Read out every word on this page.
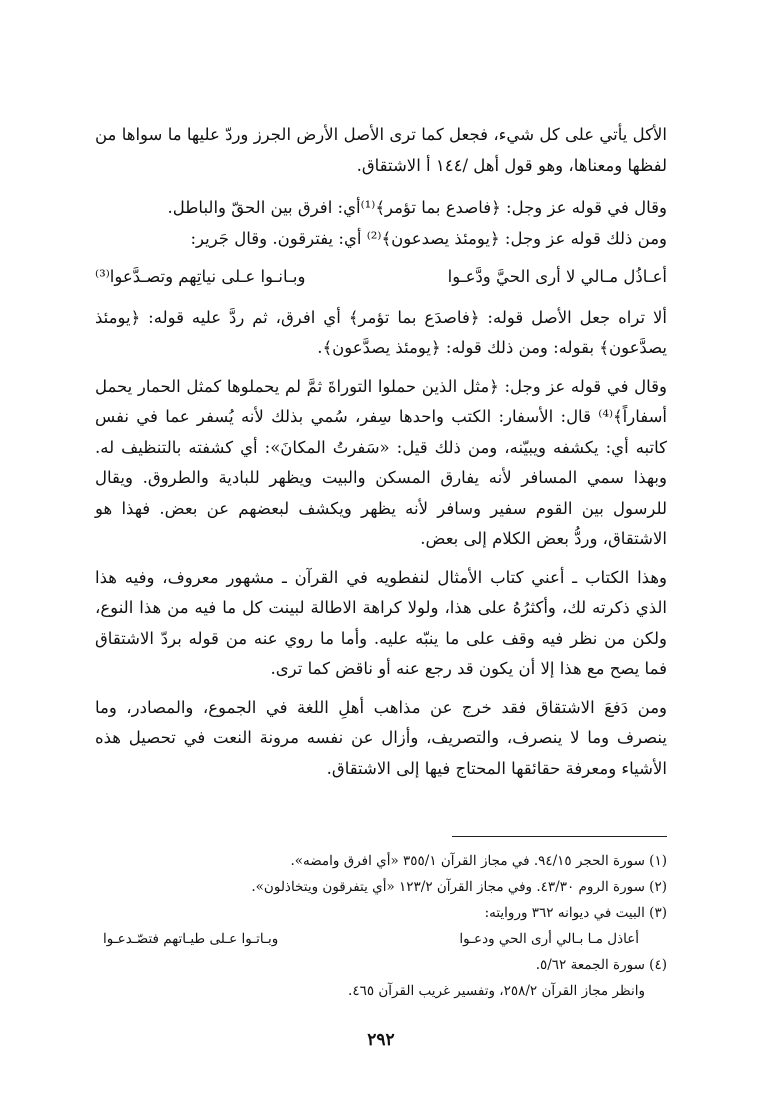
الأكل يأتي على كل شيء، فجعل كما ترى الأصل الأرض الجرز وردّ عليها ما سواها من لفظها ومعناها، وهو قول أهل /١٤٤ أ الاشتقاق.

وقال في قوله عز وجل: ﴿فاصدع بما تؤمر﴾⁽¹⁾أي: افرق بين الحقّ والباطل.

ومن ذلك قوله عز وجل: ﴿يومئذ يصدعون﴾⁽²⁾ أي: يفترقون. وقال جَرير:

أعـاذُل مـالي لا أرى الحيَّ ودَّعـوا
وبـانـوا عـلى نياتِهم وتصـدَّعوا⁽³⁾

ألا تراه جعل الأصل قوله: ﴿فاصدَع بما تؤمر﴾ أي افرق، ثم ردَّ عليه قوله: ﴿يومئذ يصدَّعون﴾ بقوله: ومن ذلك قوله: ﴿يومئذ يصدَّعون﴾.

وقال في قوله عز وجل: ﴿مثل الذين حملوا التوراةَ ثمَّ لم يحملوها كمثل الحمار يحمل أسفاراً﴾⁽⁴⁾ قال: الأسفار: الكتب واحدها سِفر، سُمي بذلك لأنه يُسفر عما في نفس كاتبه أي: يكشفه ويبيّنه، ومن ذلك قيل: «سَفرتُ المكانَ»: أي كشفته بالتنظيف له. وبهذا سمي المسافر لأنه يفارق المسكن والبيت ويظهر للبادية والطروق. ويقال للرسول بين القوم سفير وسافر لأنه يظهر ويكشف لبعضهم عن بعض. فهذا هو الاشتقاق، وردُّ بعض الكلام إلى بعض.

وهذا الكتاب ـ أعني كتاب الأمثال لنفطويه في القرآن ـ مشهور معروف، وفيه هذا الذي ذكرته لك، وأكثرُهُ على هذا، ولولا كراهة الاطالة لبينت كل ما فيه من هذا النوع، ولكن من نظر فيه وقف على ما ينبّه عليه. وأما ما روي عنه من قوله بردّ الاشتقاق فما يصح مع هذا إلا أن يكون قد رجع عنه أو ناقض كما ترى.

ومن دَفعَ الاشتقاق فقد خرج عن مذاهب أهلِ اللغة في الجموع، والمصادر، وما ينصرف وما لا ينصرف، والتصريف، وأزال عن نفسه مرونة النعت في تحصيل هذه الأشياء ومعرفة حقائقها المحتاج فيها إلى الاشتقاق.

(١) سورة الحجر ٩٤/١٥. في مجاز القرآن ٣٥٥/١ «أي افرق وامضه».
(٢) سورة الروم ٤٣/٣٠. وفي مجاز القرآن ١٢٣/٢ «أي يتفرقون ويتخاذلون».
(٣) البيت في ديوانه ٣٦٢ وروايته:
أعاذل مـا بـالي أرى الحي ودعـوا
وبـاتـوا عـلى طيـاتهم فتصّـدعـوا
(٤) سورة الجمعة ٥/٦٢.
وانظر مجاز القرآن ٢٥٨/٢، وتفسير غريب القرآن ٤٦٥.
٢٩٢
